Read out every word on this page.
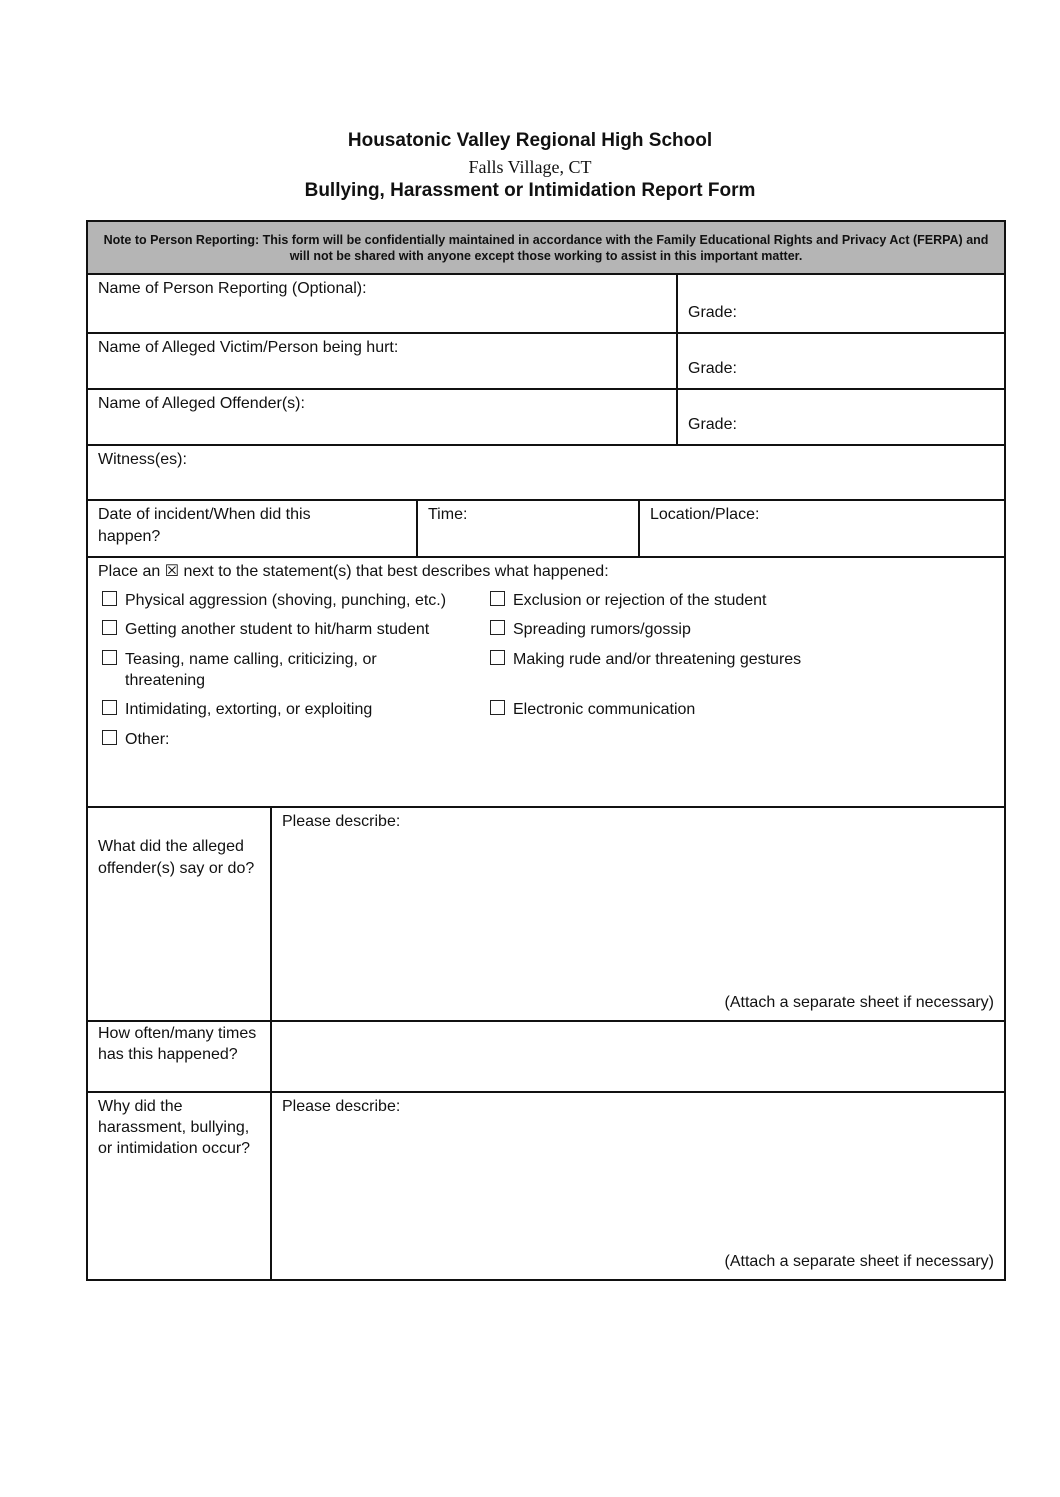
Housatonic Valley Regional High School
Falls Village, CT
Bullying, Harassment or Intimidation Report Form
Note to Person Reporting: This form will be confidentially maintained in accordance with the Family Educational Rights and Privacy Act (FERPA) and will not be shared with anyone except those working to assist in this important matter.
Name of Person Reporting (Optional):
Grade:
Name of Alleged Victim/Person being hurt:
Grade:
Name of Alleged Offender(s):
Grade:
Witness(es):
Date of incident/When did this happen?
Time:	Location/Place:
Place an ☒ next to the statement(s) that best describes what happened:
Physical aggression (shoving, punching, etc.)
Getting another student to hit/harm student
Teasing, name calling, criticizing, or threatening
Intimidating, extorting, or exploiting
Other:
Exclusion or rejection of the student
Spreading rumors/gossip
Making rude and/or threatening gestures
Electronic communication
What did the alleged offender(s) say or do?
Please describe:
(Attach a separate sheet if necessary)
How often/many times has this happened?
Why did the harassment, bullying, or intimidation occur?
Please describe:
(Attach a separate sheet if necessary)
